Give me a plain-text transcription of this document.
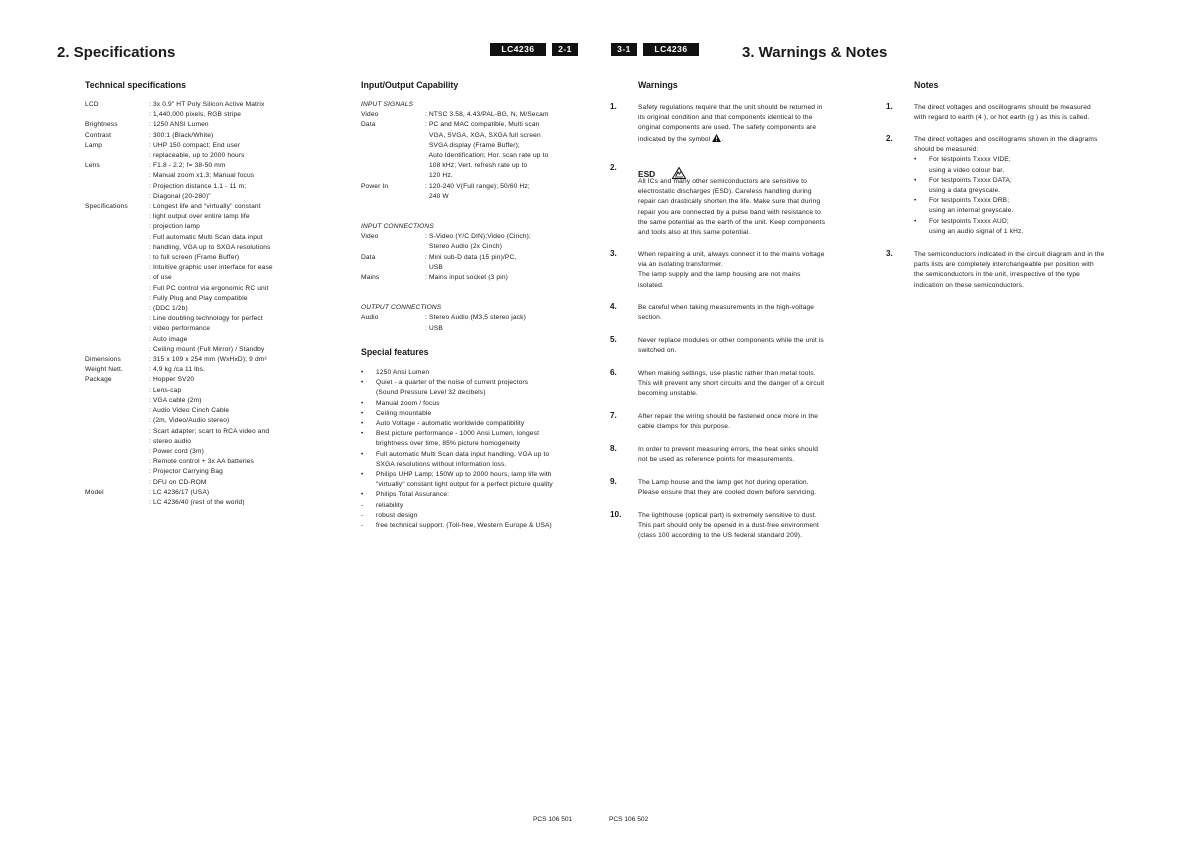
2. Specifications	LC4236	2-1
Technical specifications
LCD	: 3x 0.9" HT Poly Silicon Active Matrix
: 1,440,000 pixels, RGB stripe
Brightness	: 1250 ANSI Lumen
Contrast	: 300:1 (Black/White)
Lamp	: UHP 150 compact; End user
: replaceable, up to 2000 hours
Lens	: F1.8 - 2.2; f= 38-50 mm
: Manual zoom x1.3; Manual focus
: Projection distance 1.1 - 11 m;
: Diagonal (20-280)"
Specifications	: Longest life and "virtually" constant
: light output over entire lamp life
: projection lamp
: Full automatic Multi Scan data input
: handling, VGA up to SXGA resolutions
: to full screen (Frame Buffer)
: Intuitive graphic user interface for ease
: of use
: Full PC control via ergonomic RC unit
: Fully Plug and Play compatible
: (DDC 1/2b)
: Line doubling technology for perfect
: video performance
: Auto image
: Ceiling mount (Full Mirror) / Standby
Dimensions	: 315 x 109 x 254 mm (WxHxD); 9 dm³
Weight Nett.	: 4,9 kg /ca 11 lbs.
Package	: Hopper SV20
: Lens-cap
: VGA cable (2m)
: Audio Video Cinch Cable
: (2m, Video/Audio stereo)
: Scart adapter; scart to RCA video and
: stereo audio
: Power cord (3m)
: Remote control + 3x AA batteries
: Projector Carrying Bag
: DFU on CD-ROM
Model	: LC 4236/17 (USA)
: LC 4236/40 (rest of the world)
Input/Output Capability
INPUT SIGNALS
Video	: NTSC 3.58, 4.43/PAL-BG, N, M/Secam
Data	: PC and MAC compatible, Multi scan
VGA, SVGA, XGA, SXGA full screen
SVGA display (Frame Buffer);
Auto Identification; Hor. scan rate up to
108 kHz; Vert. refresh rate up to
120 Hz.
Power In	: 120-240 V(Full range); 50/60 Hz;
240 W
INPUT CONNECTIONS
Video	: S-Video (Y/C DIN);Video (Cinch);
Stereo Audio (2x Cinch)
Data	: Mini sub-D data (15 pin)/PC,
USB
Mains	: Mains input socket (3 pin)
OUTPUT CONNECTIONS
Audio	: Stereo Audio (M3,5 stereo jack)
: USB
Special features
•	1250 Ansi Lumen
•	Quiet - a quarter of the noise of current projectors
(Sound Pressure Level 32 decibels)
•	Manual zoom / focus
•	Ceiling mountable
•	Auto Voltage - automatic worldwide compatibility
•	Best picture performance - 1000 Ansi Lumen, longest
brightness over time, 85% picture homogeneity
•	Full automatic Multi Scan data input handling, VGA up to
SXGA resolutions without information loss.
•	Philips UHP Lamp; 150W up to 2000 hours, lamp life with
"virtually" constant light output for a perfect picture quality
•	Philips Total Assurance:
-	reliability
-	robust design
-	free technical support. (Toll-free, Western Europe & USA)
PCS 106 501
3-1	LC4236	3. Warnings & Notes
Warnings
1.	Safety regulations require that the unit should be returned in
its original condition and that components identical to the
original components are used. The safety components are
indicated by the symbol .
2.
ESD
All ICs and many other semiconductors are sensitive to
electrostatic discharges (ESD). Careless handling during
repair can drastically shorten the life. Make sure that during
repair you are connected by a pulse band with resistance to
the same potential as the earth of the unit. Keep components
and tools also at this same potential.
3.	When repairing a unit, always connect it to the mains voltage
via an isolating transformer.
The lamp supply and the lamp housing are not mains
isolated.
4.	Be careful when taking measurements in the high-voltage
section.
5.	Never replace modules or other components while the unit is
switched on.
6.	When making settings, use plastic rather than metal tools.
This will prevent any short circuits and the danger of a circuit
becoming unstable.
7.	After repair the wiring should be fastened once more in the
cable clamps for this purpose.
8.	In order to prevent measuring errors, the heat sinks should
not be used as reference points for measurements.
9.	The Lamp house and the lamp get hot during operation.
Please ensure that they are cooled down before servicing.
10.	The lighthouse (optical part) is extremely sensitive to dust.
This part should only be opened in a dust-free environment
(class 100 according to the US federal standard 209).
Notes
1.	The direct voltages and oscillograms should be measured
with regard to earth (4 ), or hot earth (g ) as this is called.
2.	The direct voltages and oscillograms shown in the diagrams
should be measured:
•	For testpoints Txxxx VIDE;
using a video colour bar.
•	For testpoints Txxxx DATA;
using a data greyscale.
•	For testpoints Txxxx DRB;
using an internal greyscale.
•	For testpoints Txxxx AUD;
using an audio signal of 1 kHz.
3.	The semiconductors indicated in the circuit diagram and in the
parts lists are completely interchangeable per position with
the semiconductors in the unit, irrespective of the type
indication on these semiconductors.
PCS 106 502
